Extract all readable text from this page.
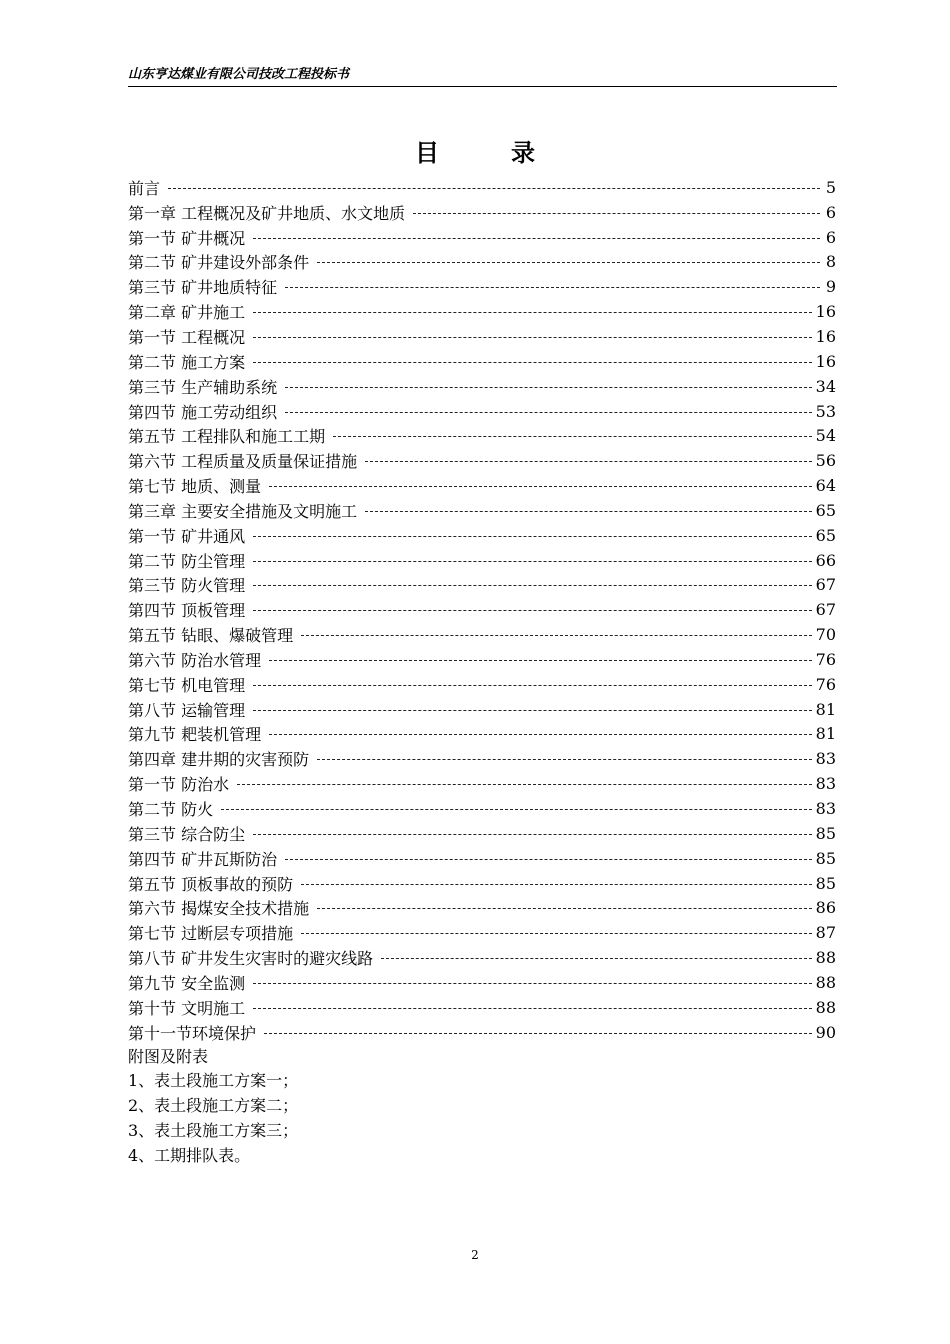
山东亨达煤业有限公司技改工程投标书
目	录
前言	5
第一章 工程概况及矿井地质、水文地质	6
第一节 矿井概况	6
第二节 矿井建设外部条件	8
第三节 矿井地质特征	9
第二章 矿井施工	16
第一节 工程概况	16
第二节 施工方案	16
第三节 生产辅助系统	34
第四节 施工劳动组织	53
第五节 工程排队和施工工期	54
第六节 工程质量及质量保证措施	56
第七节 地质、测量	64
第三章 主要安全措施及文明施工	65
第一节 矿井通风	65
第二节 防尘管理	66
第三节 防火管理	67
第四节 顶板管理	67
第五节 钻眼、爆破管理	70
第六节 防治水管理	76
第七节 机电管理	76
第八节 运输管理	81
第九节 耙装机管理	81
第四章 建井期的灾害预防	83
第一节 防治水	83
第二节 防火	83
第三节 综合防尘	85
第四节 矿井瓦斯防治	85
第五节 顶板事故的预防	85
第六节 揭煤安全技术措施	86
第七节 过断层专项措施	87
第八节 矿井发生灾害时的避灾线路	88
第九节 安全监测	88
第十节 文明施工	88
第十一节环境保护	90
附图及附表
1、表土段施工方案一；
2、表土段施工方案二；
3、表土段施工方案三；
4、工期排队表。
2
